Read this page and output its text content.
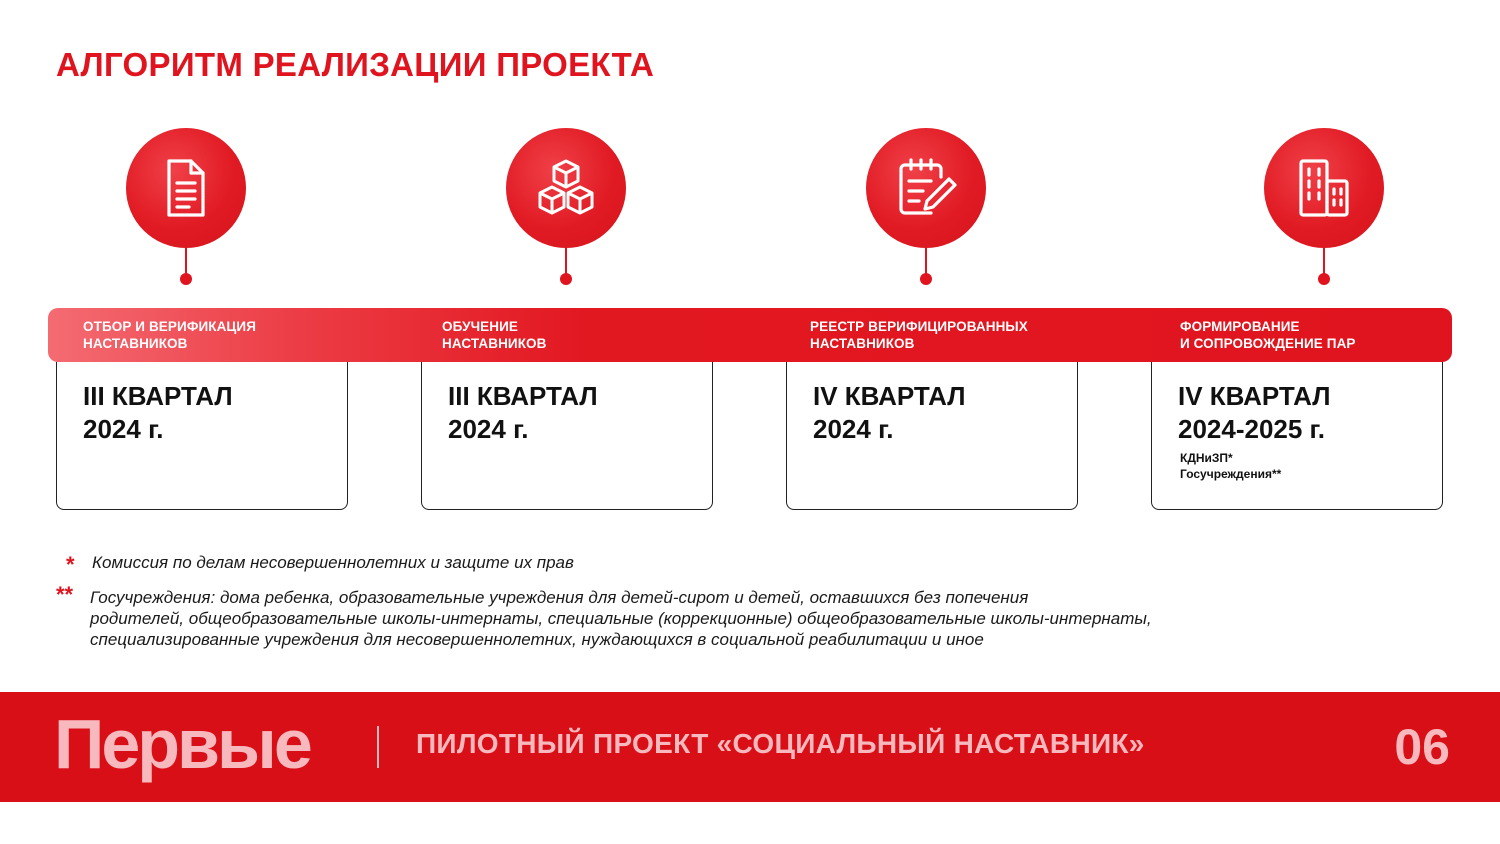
АЛГОРИТМ РЕАЛИЗАЦИИ ПРОЕКТА
ОТБОР И ВЕРИФИКАЦИЯ
НАСТАВНИКОВ
ОБУЧЕНИЕ
НАСТАВНИКОВ
РЕЕСТР ВЕРИФИЦИРОВАННЫХ
НАСТАВНИКОВ
ФОРМИРОВАНИЕ
И СОПРОВОЖДЕНИЕ ПАР
III КВАРТАЛ
2024 г.
III КВАРТАЛ
2024 г.
IV КВАРТАЛ
2024 г.
IV КВАРТАЛ
2024-2025 г.
КДНиЗП*
Госучреждения**
* Комиссия по делам несовершеннолетних и защите их прав
** Госучреждения: дома ребенка, образовательные учреждения для детей-сирот и детей, оставшихся без попечения
родителей, общеобразовательные школы-интернаты, специальные (коррекционные) общеобразовательные школы-интернаты,
специализированные учреждения для несовершеннолетних, нуждающихся в социальной реабилитации и иное
Первые	ПИЛОТНЫЙ ПРОЕКТ «СОЦИАЛЬНЫЙ НАСТАВНИК»	06
